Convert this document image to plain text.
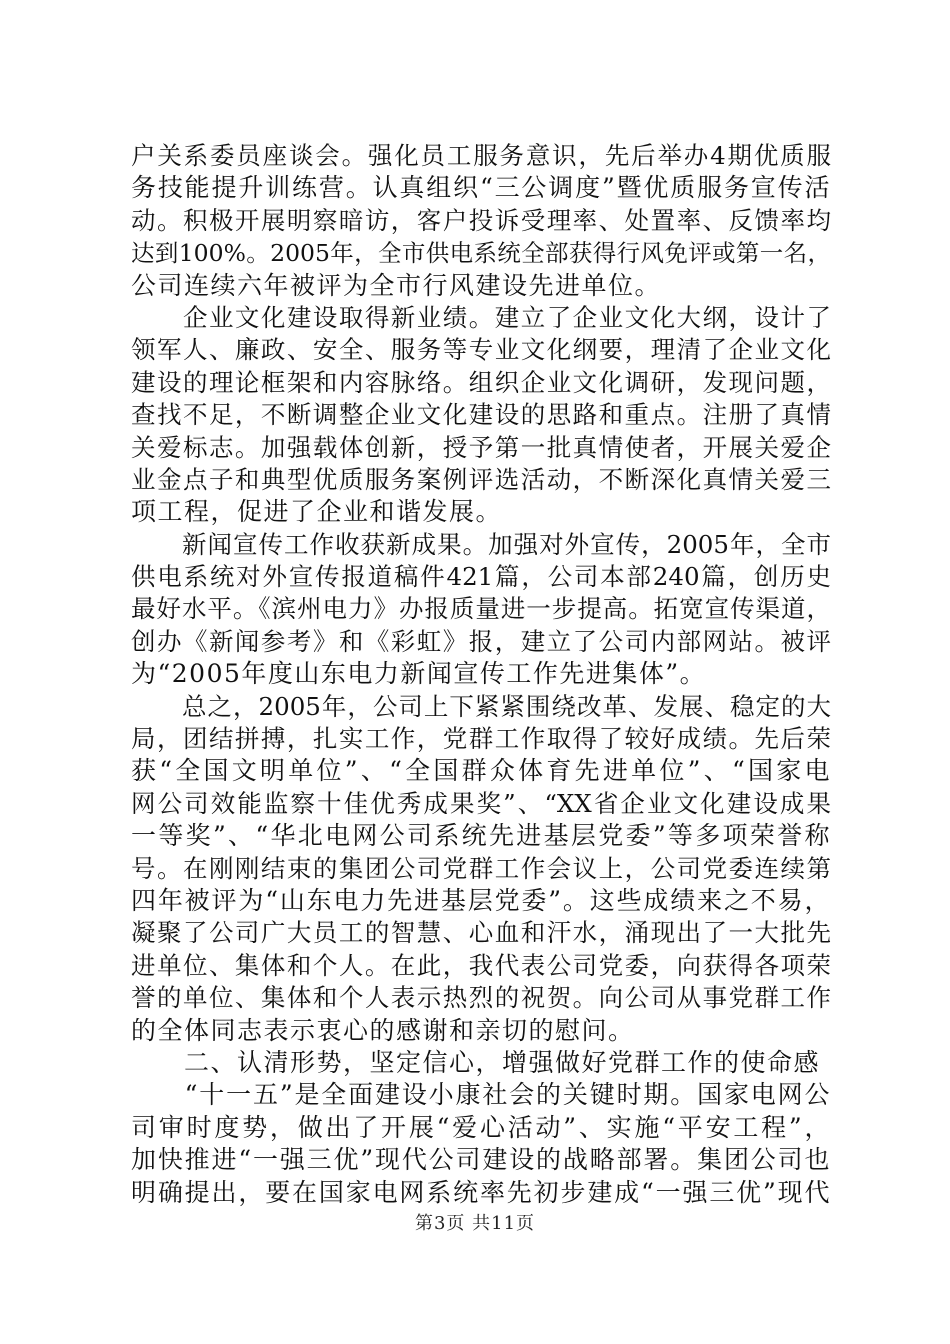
户关系委员座谈会。强化员工服务意识，先后举办4期优质服
务技能提升训练营。认真组织“三公调度”暨优质服务宣传活
动。积极开展明察暗访，客户投诉受理率、处置率、反馈率均
达到100%。2005年，全市供电系统全部获得行风免评或第一名，
公司连续六年被评为全市行风建设先进单位。
　　企业文化建设取得新业绩。建立了企业文化大纲，设计了
领军人、廉政、安全、服务等专业文化纲要，理清了企业文化
建设的理论框架和内容脉络。组织企业文化调研，发现问题，
查找不足，不断调整企业文化建设的思路和重点。注册了真情
关爱标志。加强载体创新，授予第一批真情使者，开展关爱企
业金点子和典型优质服务案例评选活动，不断深化真情关爱三
项工程，促进了企业和谐发展。
　　新闻宣传工作收获新成果。加强对外宣传，2005年，全市
供电系统对外宣传报道稿件421篇，公司本部240篇，创历史
最好水平。《滨州电力》办报质量进一步提高。拓宽宣传渠道，
创办《新闻参考》和《彩虹》报，建立了公司内部网站。被评
为“2005年度山东电力新闻宣传工作先进集体”。
　　总之，2005年，公司上下紧紧围绕改革、发展、稳定的大
局，团结拼搏，扎实工作，党群工作取得了较好成绩。先后荣
获“全国文明单位”、“全国群众体育先进单位”、“国家电
网公司效能监察十佳优秀成果奖”、“XX省企业文化建设成果
一等奖”、“华北电网公司系统先进基层党委”等多项荣誉称
号。在刚刚结束的集团公司党群工作会议上，公司党委连续第
四年被评为“山东电力先进基层党委”。这些成绩来之不易，
凝聚了公司广大员工的智慧、心血和汗水，涌现出了一大批先
进单位、集体和个人。在此，我代表公司党委，向获得各项荣
誉的单位、集体和个人表示热烈的祝贺。向公司从事党群工作
的全体同志表示衷心的感谢和亲切的慰问。
　　二、认清形势，坚定信心，增强做好党群工作的使命感
　　“十一五”是全面建设小康社会的关键时期。国家电网公
司审时度势，做出了开展“爱心活动”、实施“平安工程”，
加快推进“一强三优”现代公司建设的战略部署。集团公司也
明确提出，要在国家电网系统率先初步建成“一强三优”现代
第3页 共11页
